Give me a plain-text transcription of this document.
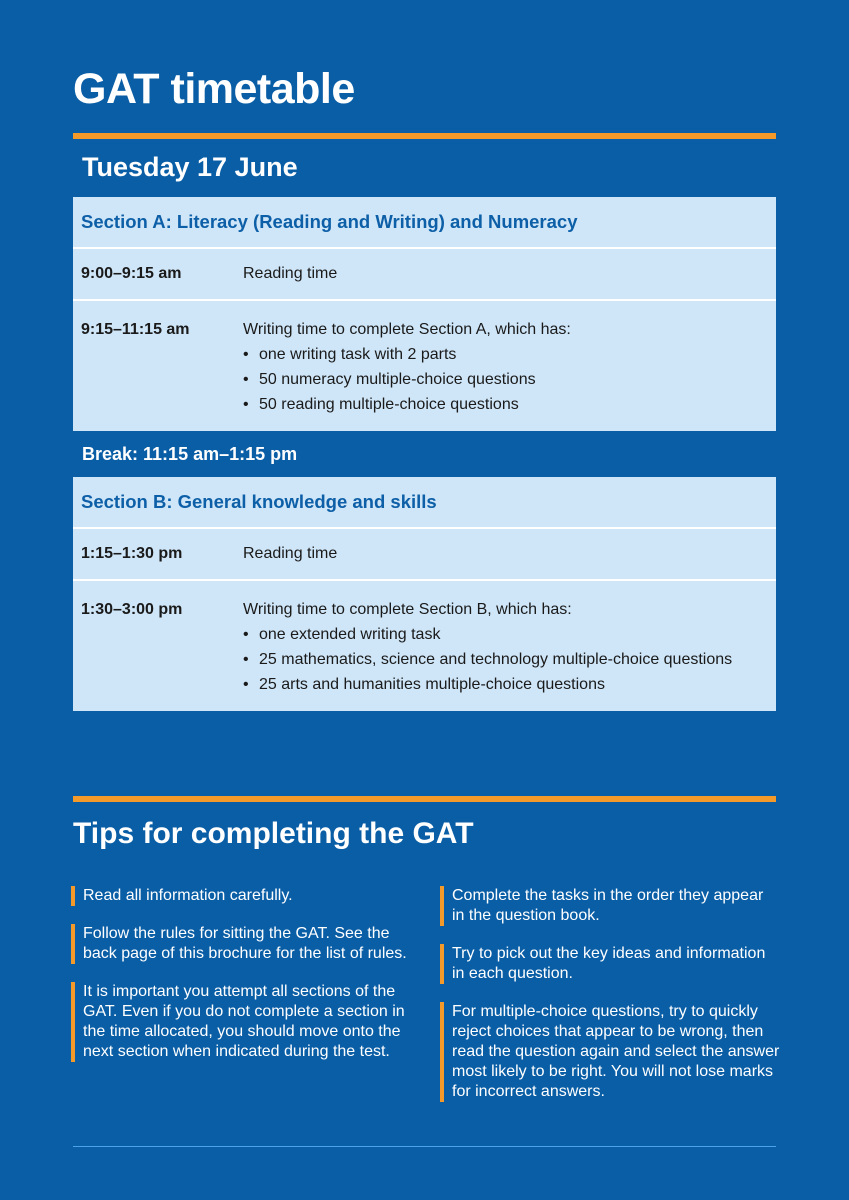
GAT timetable
Tuesday 17 June
Section A: Literacy (Reading and Writing) and Numeracy
9:00–9:15 am	Reading time
9:15–11:15 am	Writing time to complete Section A, which has:
• one writing task with 2 parts
• 50 numeracy multiple-choice questions
• 50 reading multiple-choice questions
Break: 11:15 am–1:15 pm
Section B: General knowledge and skills
1:15–1:30 pm	Reading time
1:30–3:00 pm	Writing time to complete Section B, which has:
• one extended writing task
• 25 mathematics, science and technology multiple-choice questions
• 25 arts and humanities multiple-choice questions
Tips for completing the GAT
Read all information carefully.
Follow the rules for sitting the GAT. See the back page of this brochure for the list of rules.
It is important you attempt all sections of the GAT. Even if you do not complete a section in the time allocated, you should move onto the next section when indicated during the test.
Complete the tasks in the order they appear in the question book.
Try to pick out the key ideas and information in each question.
For multiple-choice questions, try to quickly reject choices that appear to be wrong, then read the question again and select the answer most likely to be right. You will not lose marks for incorrect answers.
